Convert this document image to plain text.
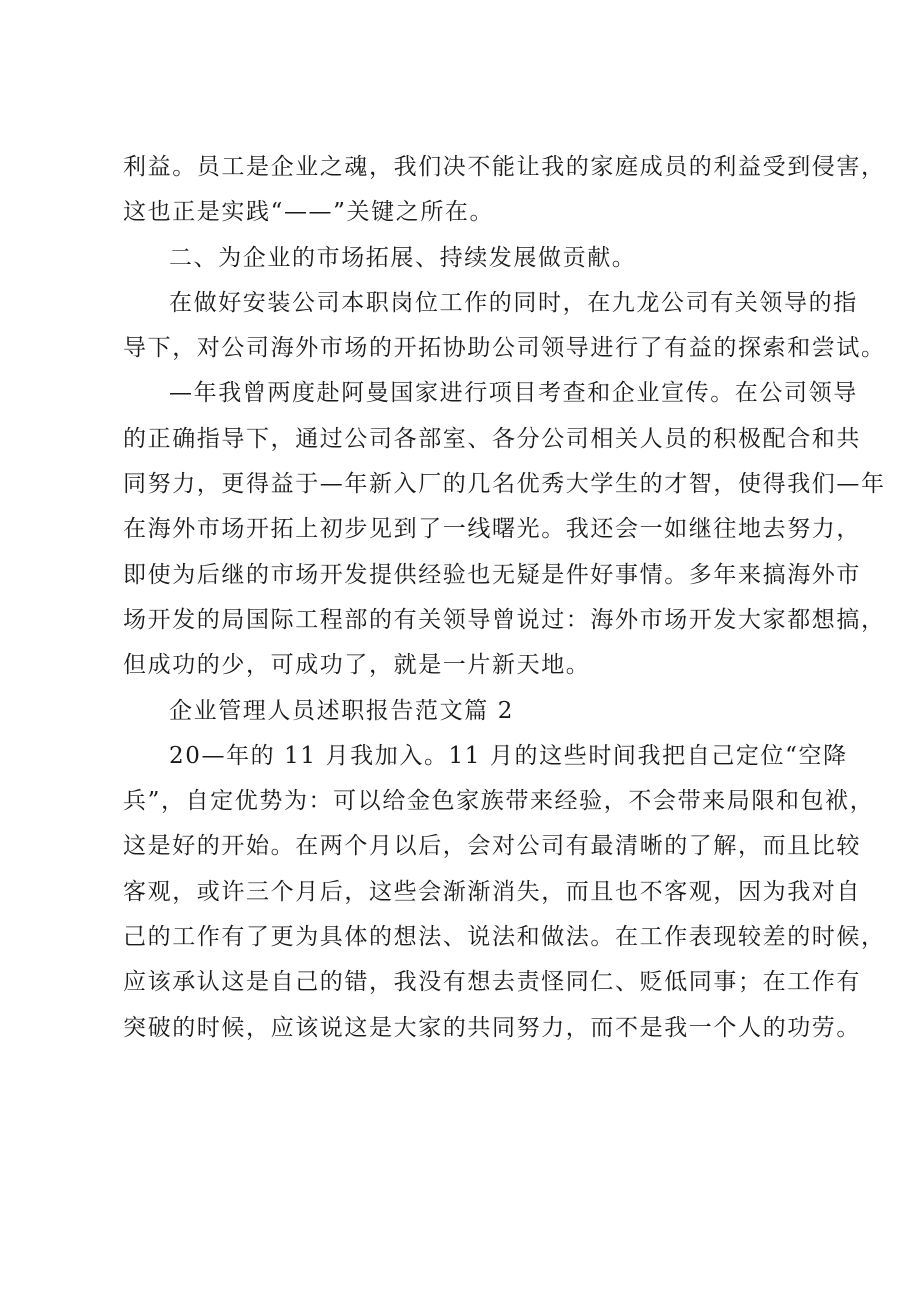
利益。员工是企业之魂，我们决不能让我的家庭成员的利益受到侵害，
这也正是实践“——”关键之所在。
二、为企业的市场拓展、持续发展做贡献。
在做好安装公司本职岗位工作的同时，在九龙公司有关领导的指
导下，对公司海外市场的开拓协助公司领导进行了有益的探索和尝试。
—年我曾两度赴阿曼国家进行项目考查和企业宣传。在公司领导
的正确指导下，通过公司各部室、各分公司相关人员的积极配合和共
同努力，更得益于—年新入厂的几名优秀大学生的才智，使得我们—年
在海外市场开拓上初步见到了一线曙光。我还会一如继往地去努力，
即使为后继的市场开发提供经验也无疑是件好事情。多年来搞海外市
场开发的局国际工程部的有关领导曾说过：海外市场开发大家都想搞，
但成功的少，可成功了，就是一片新天地。
企业管理人员述职报告范文篇 2
20—年的 11 月我加入。11 月的这些时间我把自己定位“空降
兵”，自定优势为：可以给金色家族带来经验，不会带来局限和包袱，
这是好的开始。在两个月以后，会对公司有最清晰的了解，而且比较
客观，或许三个月后，这些会渐渐消失，而且也不客观，因为我对自
己的工作有了更为具体的想法、说法和做法。在工作表现较差的时候，
应该承认这是自己的错，我没有想去责怪同仁、贬低同事；在工作有
突破的时候，应该说这是大家的共同努力，而不是我一个人的功劳。
